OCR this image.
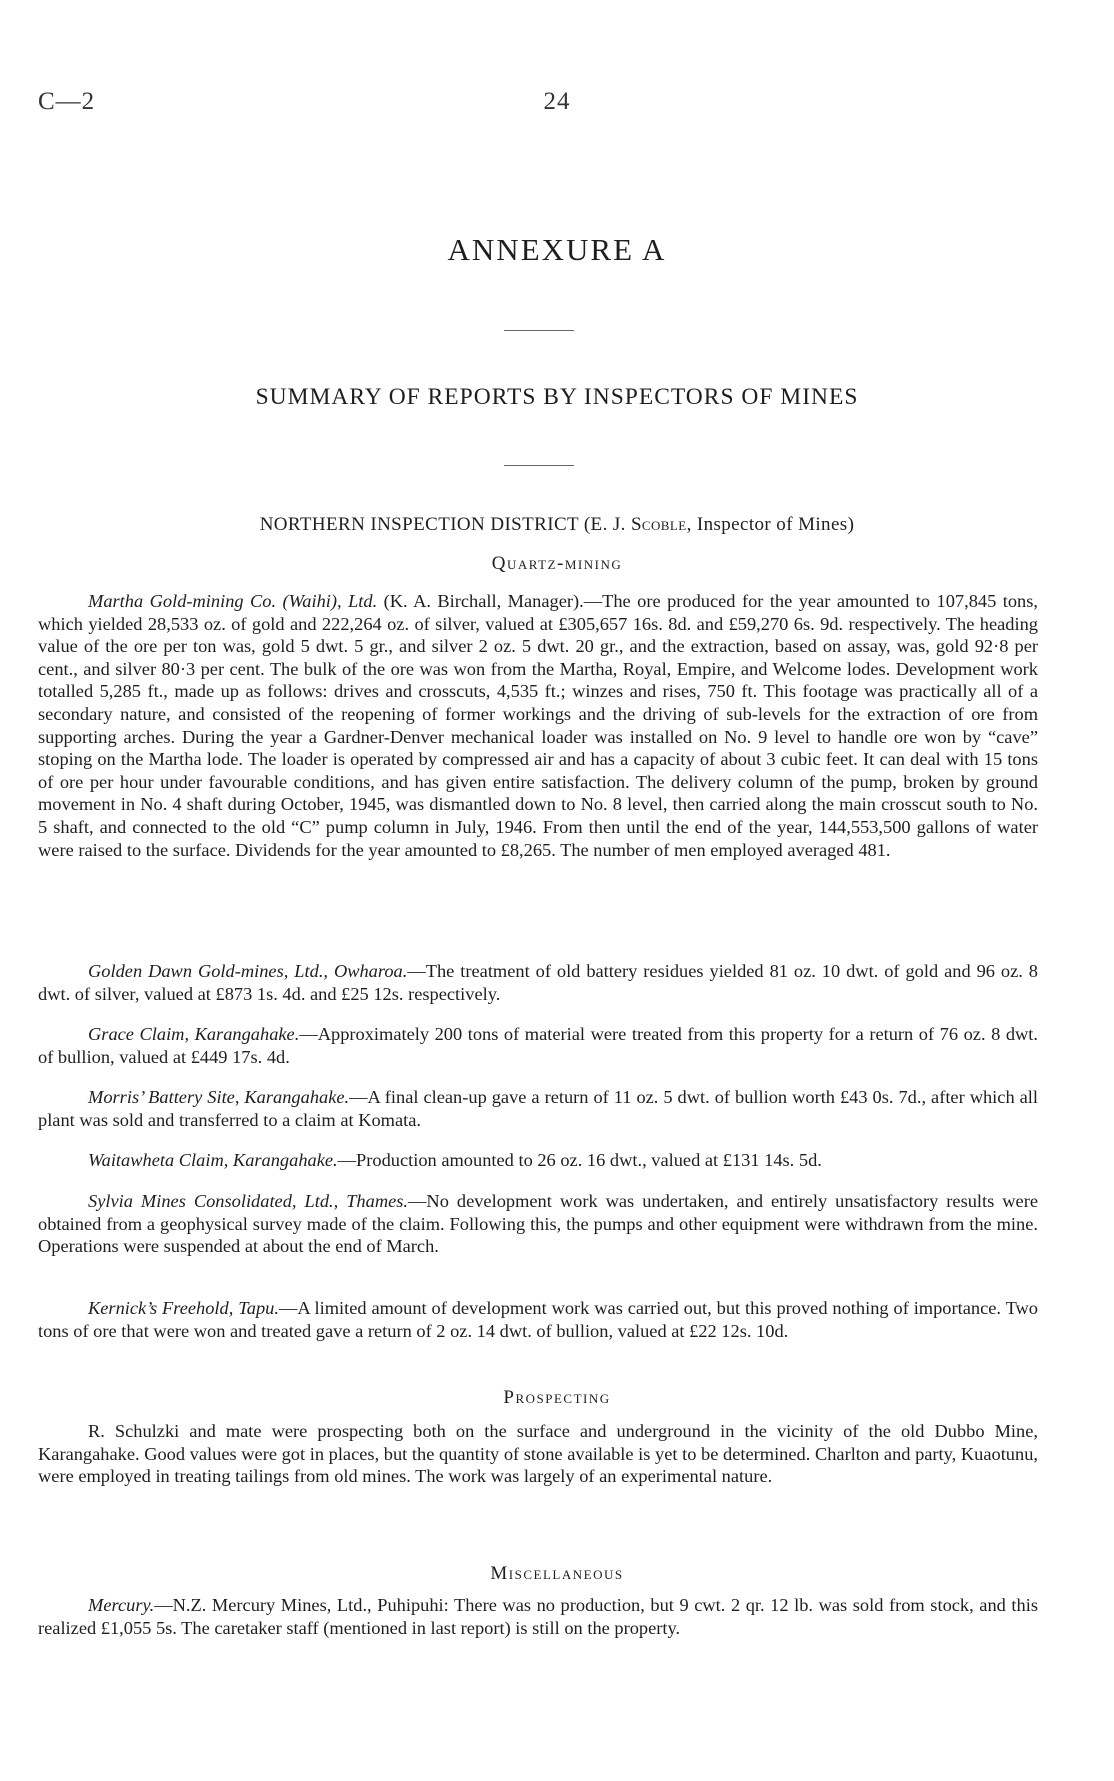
C—2	24
ANNEXURE A
SUMMARY OF REPORTS BY INSPECTORS OF MINES
NORTHERN INSPECTION DISTRICT (E. J. Scoble, Inspector of Mines)
Quartz-mining

Martha Gold-mining Co. (Waihi), Ltd. (K. A. Birchall, Manager).—The ore produced for the year amounted to 107,845 tons, which yielded 28,533 oz. of gold and 222,264 oz. of silver, valued at £305,657 16s. 8d. and £59,270 6s. 9d. respectively. The heading value of the ore per ton was, gold 5 dwt. 5 gr., and silver 2 oz. 5 dwt. 20 gr., and the extraction, based on assay, was, gold 92·8 per cent., and silver 80·3 per cent. The bulk of the ore was won from the Martha, Royal, Empire, and Welcome lodes. Development work totalled 5,285 ft., made up as follows: drives and crosscuts, 4,535 ft.; winzes and rises, 750 ft. This footage was practically all of a secondary nature, and consisted of the reopening of former workings and the driving of sub-levels for the extraction of ore from supporting arches. During the year a Gardner-Denver mechanical loader was installed on No. 9 level to handle ore won by “cave” stoping on the Martha lode. The loader is operated by compressed air and has a capacity of about 3 cubic feet. It can deal with 15 tons of ore per hour under favourable conditions, and has given entire satisfaction. The delivery column of the pump, broken by ground movement in No. 4 shaft during October, 1945, was dismantled down to No. 8 level, then carried along the main crosscut south to No. 5 shaft, and connected to the old “C” pump column in July, 1946. From then until the end of the year, 144,553,500 gallons of water were raised to the surface. Dividends for the year amounted to £8,265. The number of men employed averaged 481.

Golden Dawn Gold-mines, Ltd., Owharoa.—The treatment of old battery residues yielded 81 oz. 10 dwt. of gold and 96 oz. 8 dwt. of silver, valued at £873 1s. 4d. and £25 12s. respectively.

Grace Claim, Karangahake.—Approximately 200 tons of material were treated from this property for a return of 76 oz. 8 dwt. of bullion, valued at £449 17s. 4d.

Morris’ Battery Site, Karangahake.—A final clean-up gave a return of 11 oz. 5 dwt. of bullion worth £43 0s. 7d., after which all plant was sold and transferred to a claim at Komata.

Waitawheta Claim, Karangahake.—Production amounted to 26 oz. 16 dwt., valued at £131 14s. 5d.

Sylvia Mines Consolidated, Ltd., Thames.—No development work was undertaken, and entirely unsatisfactory results were obtained from a geophysical survey made of the claim. Following this, the pumps and other equipment were withdrawn from the mine. Operations were suspended at about the end of March.

Kernick’s Freehold, Tapu.—A limited amount of development work was carried out, but this proved nothing of importance. Two tons of ore that were won and treated gave a return of 2 oz. 14 dwt. of bullion, valued at £22 12s. 10d.

Prospecting

R. Schulzki and mate were prospecting both on the surface and underground in the vicinity of the old Dubbo Mine, Karangahake. Good values were got in places, but the quantity of stone available is yet to be determined. Charlton and party, Kuaotunu, were employed in treating tailings from old mines. The work was largely of an experimental nature.

Miscellaneous

Mercury.—N.Z. Mercury Mines, Ltd., Puhipuhi: There was no production, but 9 cwt. 2 qr. 12 lb. was sold from stock, and this realized £1,055 5s. The caretaker staff (mentioned in last report) is still on the property.
